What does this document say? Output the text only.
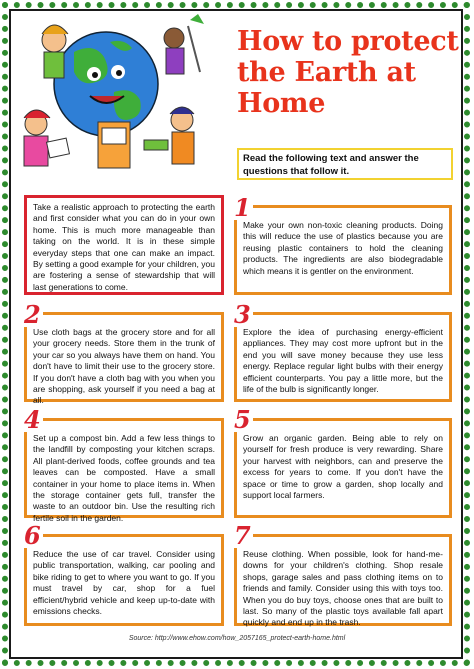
How to protect
the Earth at
Home
Read the following text and answer the questions that follow it.

Take a realistic approach to protecting the earth and first consider what you can do in your own home. This is much more manageable than taking on the world. It is in these simple everyday steps that one can make an impact. By setting a good example for your children, you are fostering a sense of stewardship that will last generations to come.

Make your own non-toxic cleaning products. Doing this will reduce the use of plastics because you are reusing plastic containers to hold the cleaning products. The ingredients are also biodegradable which means it is gentler on the environment.

1

Use cloth bags at the grocery store and for all your grocery needs. Store them in the trunk of your car so you always have them on hand. You don't have to limit their use to the grocery store. If you don't have a cloth bag with you when you are shopping, ask yourself if you need a bag at all.

2

Explore the idea of purchasing energy-efficient appliances. They may cost more upfront but in the end you will save money because they use less energy. Replace regular light bulbs with their energy efficient counterparts. You pay a little more, but the life of the bulb is significantly longer.

3

Set up a compost bin. Add a few less things to the landfill by composting your kitchen scraps. All plant-derived foods, coffee grounds and tea leaves can be composted. Have a small container in your home to place items in. When the storage container gets full, transfer the waste to an outdoor bin. Use the resulting rich fertile soil in the garden.

4

Grow an organic garden. Being able to rely on yourself for fresh produce is very rewarding. Share your harvest with neighbors, can and preserve the excess for years to come. If you don't have the space or time to grow a garden, shop locally and support local farmers.

5

Reduce the use of car travel. Consider using public transportation, walking, car pooling and bike riding to get to where you want to go. If you must travel by car, shop for a fuel efficient/hybrid vehicle and keep up-to-date with emissions checks.

6

Reuse clothing. When possible, look for hand-me-downs for your children's clothing. Shop resale shops, garage sales and pass clothing items on to friends and family. Consider using this with toys too. When you do buy toys, choose ones that are built to last. So many of the plastic toys available fall apart quickly and end up in the trash.

7
Source: http://www.ehow.com/how_2057165_protect-earth-home.html
